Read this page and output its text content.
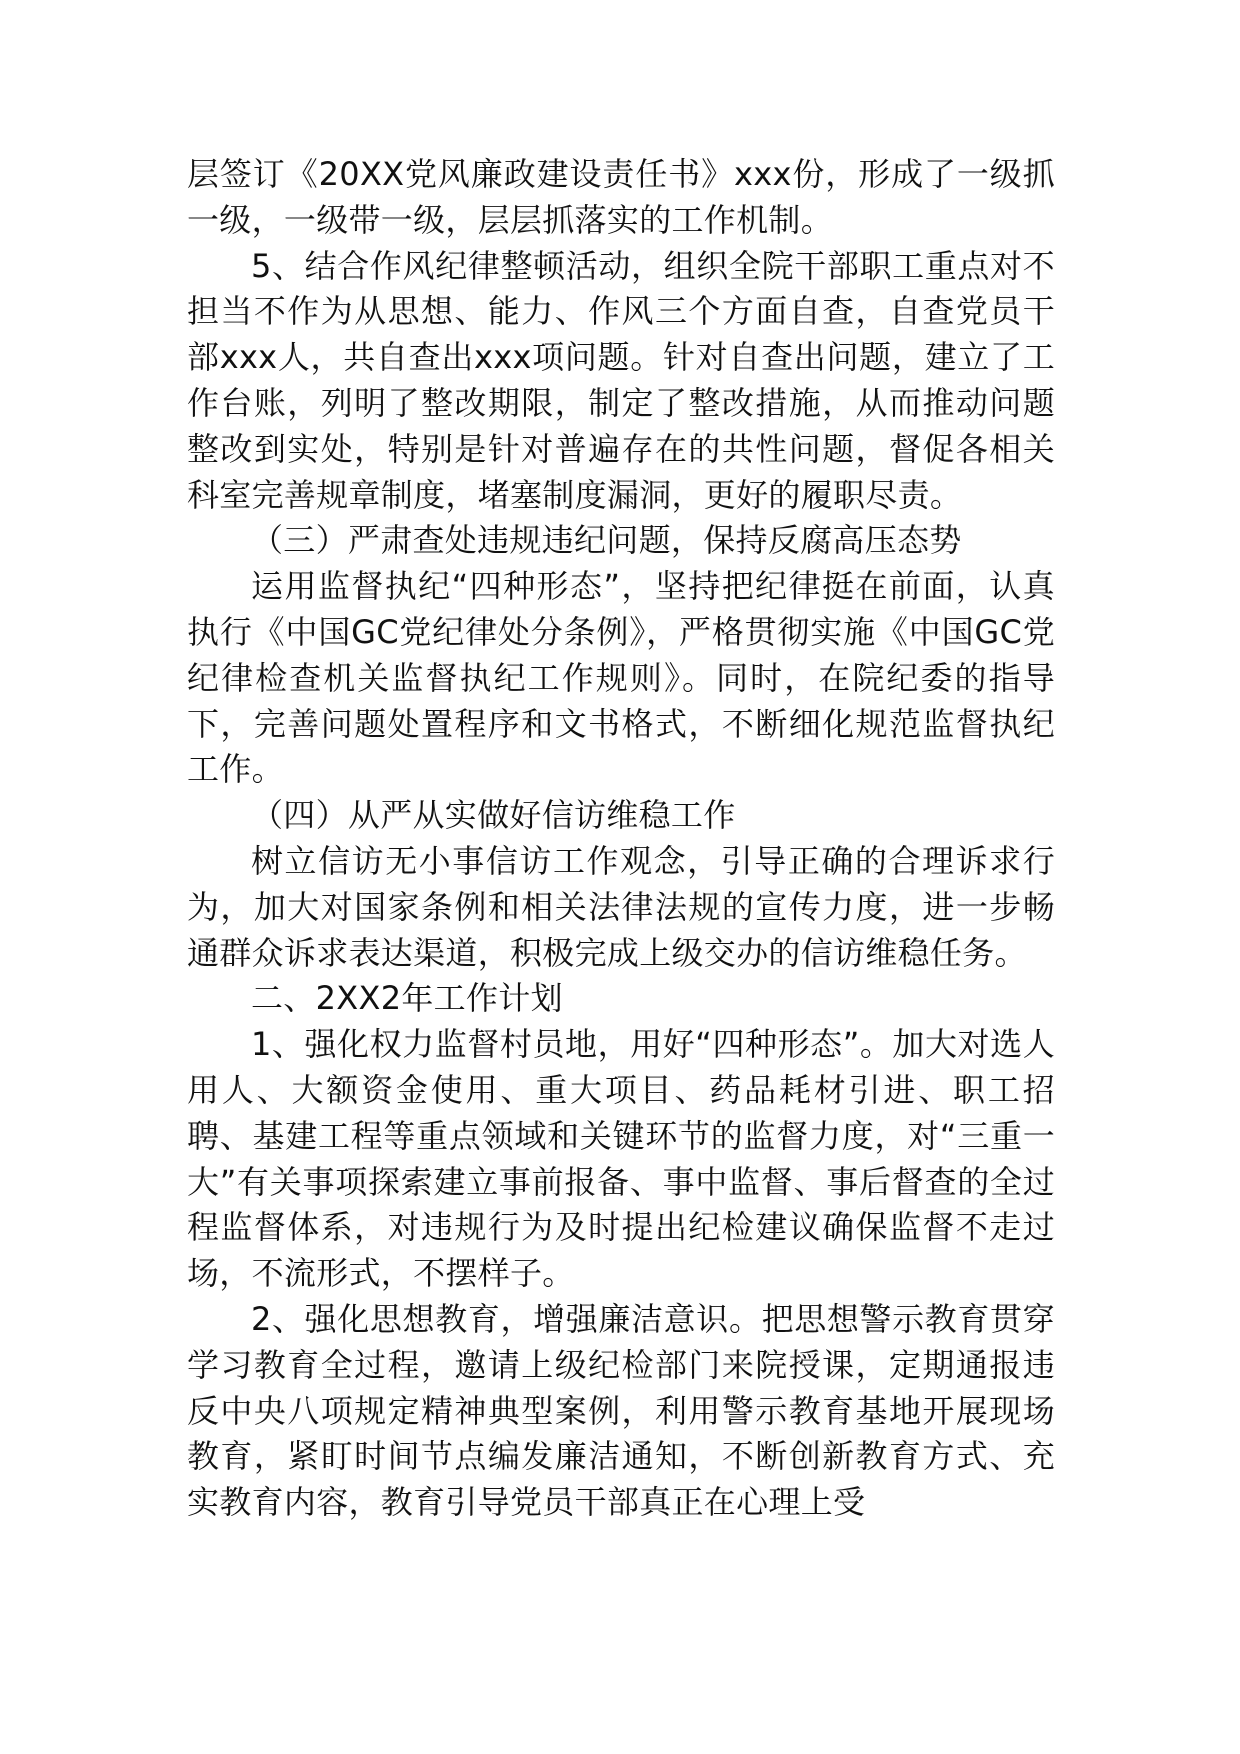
层签订《20XX党风廉政建设责任书》xxx份，形成了一级抓一级，一级带一级，层层抓落实的工作机制。

5、结合作风纪律整顿活动，组织全院干部职工重点对不担当不作为从思想、能力、作风三个方面自查，自查党员干部xxx人，共自查出xxx项问题。针对自查出问题，建立了工作台账，列明了整改期限，制定了整改措施，从而推动问题整改到实处，特别是针对普遍存在的共性问题，督促各相关科室完善规章制度，堵塞制度漏洞，更好的履职尽责。

（三）严肃查处违规违纪问题，保持反腐高压态势

运用监督执纪“四种形态”，坚持把纪律挺在前面，认真执行《中国GC党纪律处分条例》，严格贯彻实施《中国GC党纪律检查机关监督执纪工作规则》。同时，在院纪委的指导下，完善问题处置程序和文书格式，不断细化规范监督执纪工作。

（四）从严从实做好信访维稳工作

树立信访无小事信访工作观念，引导正确的合理诉求行为，加大对国家条例和相关法律法规的宣传力度，进一步畅通群众诉求表达渠道，积极完成上级交办的信访维稳任务。

二、2XX2年工作计划

1、强化权力监督村员地，用好“四种形态”。加大对选人用人、大额资金使用、重大项目、药品耗材引进、职工招聘、基建工程等重点领域和关键环节的监督力度，对“三重一大”有关事项探索建立事前报备、事中监督、事后督查的全过程监督体系，对违规行为及时提出纪检建议确保监督不走过场，不流形式，不摆样子。

2、强化思想教育，增强廉洁意识。把思想警示教育贯穿学习教育全过程，邀请上级纪检部门来院授课，定期通报违反中央八项规定精神典型案例，利用警示教育基地开展现场教育，紧盯时间节点编发廉洁通知，不断创新教育方式、充实教育内容，教育引导党员干部真正在心理上受
